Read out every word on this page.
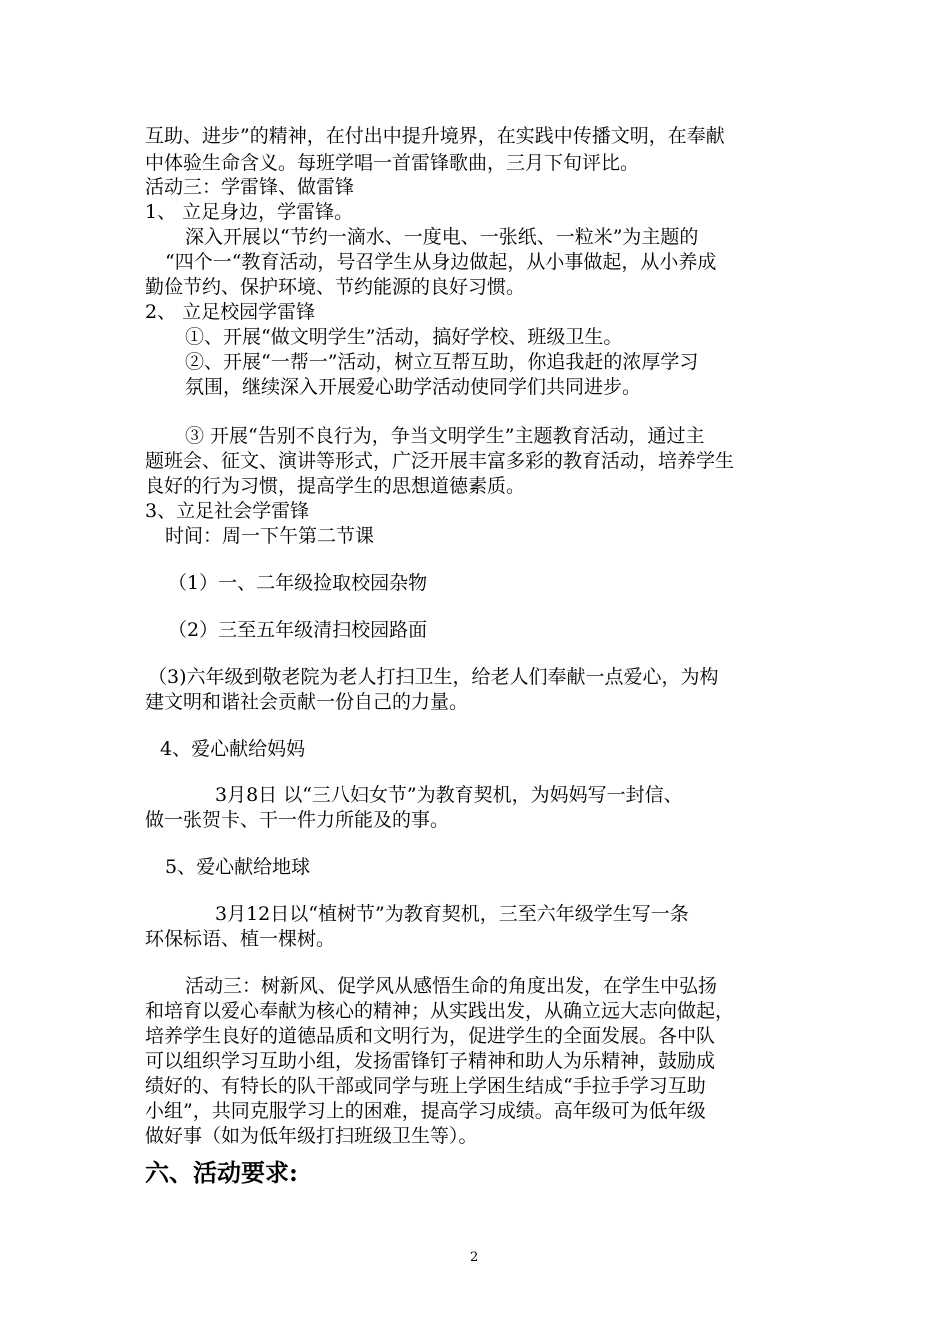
互助、进步”的精神，在付出中提升境界，在实践中传播文明，在奉献
中体验生命含义。每班学唱一首雷锋歌曲，三月下旬评比。
活动三：学雷锋、做雷锋
1、 立足身边，学雷锋。
深入开展以“节约一滴水、一度电、一张纸、一粒米”为主题的
“四个一“教育活动，号召学生从身边做起，从小事做起，从小养成
勤俭节约、保护环境、节约能源的良好习惯。
2、 立足校园学雷锋
①、开展“做文明学生”活动，搞好学校、班级卫生。
②、开展“一帮一”活动，树立互帮互助，你追我赶的浓厚学习
氛围，继续深入开展爱心助学活动使同学们共同进步。
③ 开展“告别不良行为，争当文明学生”主题教育活动，通过主
题班会、征文、演讲等形式，广泛开展丰富多彩的教育活动，培养学生
良好的行为习惯，提高学生的思想道德素质。
3、立足社会学雷锋
时间：周一下午第二节课
（1）一、二年级捡取校园杂物
（2）三至五年级清扫校园路面
（3)六年级到敬老院为老人打扫卫生，给老人们奉献一点爱心，为构
建文明和谐社会贡献一份自己的力量。
4、爱心献给妈妈
3月8日 以“三八妇女节”为教育契机，为妈妈写一封信、
做一张贺卡、干一件力所能及的事。
5、爱心献给地球
3月12日以“植树节”为教育契机，三至六年级学生写一条
环保标语、植一棵树。
活动三：树新风、促学风从感悟生命的角度出发，在学生中弘扬
和培育以爱心奉献为核心的精神；从实践出发，从确立远大志向做起，
培养学生良好的道德品质和文明行为，促进学生的全面发展。各中队
可以组织学习互助小组，发扬雷锋钉子精神和助人为乐精神，鼓励成
绩好的、有特长的队干部或同学与班上学困生结成“手拉手学习互助
小组”，共同克服学习上的困难，提高学习成绩。高年级可为低年级
做好事（如为低年级打扫班级卫生等）。
六、活动要求:
2
